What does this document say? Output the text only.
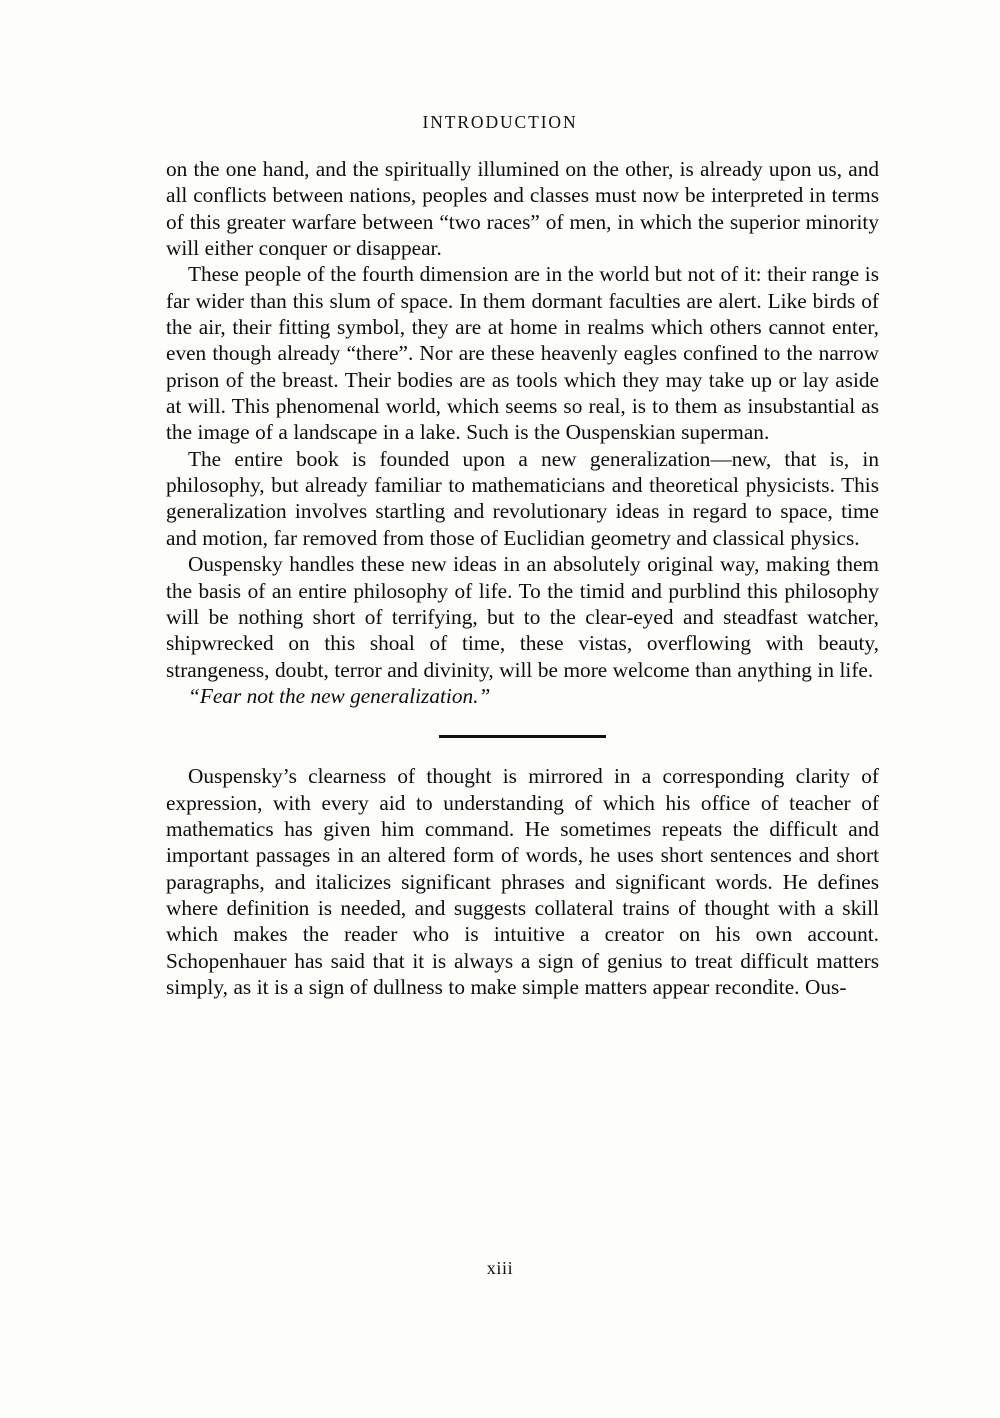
INTRODUCTION

on the one hand, and the spiritually illumined on the other, is already upon us, and all conflicts between nations, peoples and classes must now be interpreted in terms of this greater warfare between “two races” of men, in which the superior minority will either conquer or disappear.

These people of the fourth dimension are in the world but not of it: their range is far wider than this slum of space. In them dormant faculties are alert. Like birds of the air, their fitting symbol, they are at home in realms which others cannot enter, even though already “there”. Nor are these heavenly eagles confined to the narrow prison of the breast. Their bodies are as tools which they may take up or lay aside at will. This phenomenal world, which seems so real, is to them as insubstantial as the image of a landscape in a lake. Such is the Ouspenskian superman.

The entire book is founded upon a new generalization—new, that is, in philosophy, but already familiar to mathematicians and theoretical physicists. This generalization involves startling and revolutionary ideas in regard to space, time and motion, far removed from those of Euclidian geometry and classical physics.

Ouspensky handles these new ideas in an absolutely original way, making them the basis of an entire philosophy of life. To the timid and purblind this philosophy will be nothing short of terrifying, but to the clear-eyed and steadfast watcher, shipwrecked on this shoal of time, these vistas, overflowing with beauty, strangeness, doubt, terror and divinity, will be more welcome than anything in life.

“Fear not the new generalization.”

Ouspensky’s clearness of thought is mirrored in a corresponding clarity of expression, with every aid to understanding of which his office of teacher of mathematics has given him command. He sometimes repeats the difficult and important passages in an altered form of words, he uses short sentences and short paragraphs, and italicizes significant phrases and significant words. He defines where definition is needed, and suggests collateral trains of thought with a skill which makes the reader who is intuitive a creator on his own account. Schopenhauer has said that it is always a sign of genius to treat difficult matters simply, as it is a sign of dullness to make simple matters appear recondite. Ous-

xiii
